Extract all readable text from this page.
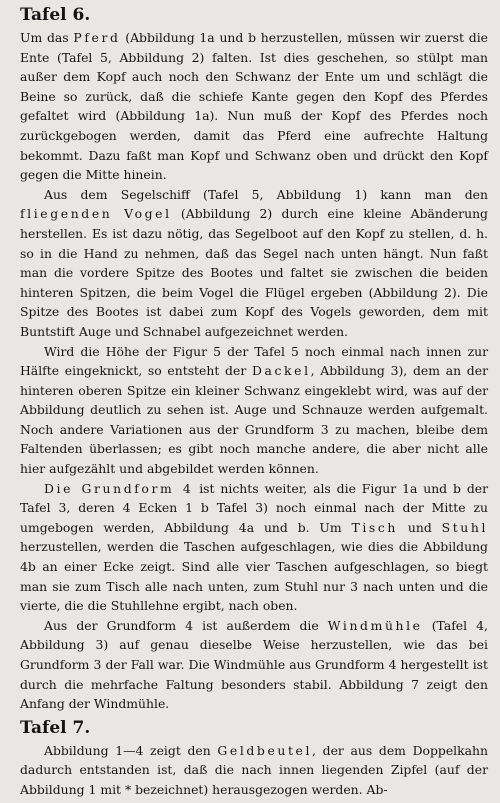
Tafel 6.

Um das Pferd (Abbildung 1a und b herzustellen, müssen wir zuerst die Ente (Tafel 5, Abbildung 2) falten. Ist dies geschehen, so stülpt man außer dem Kopf auch noch den Schwanz der Ente um und schlägt die Beine so zurück, daß die schiefe Kante gegen den Kopf des Pferdes gefaltet wird (Abbildung 1a). Nun muß der Kopf des Pferdes noch zurückgebogen werden, damit das Pferd eine aufrechte Haltung bekommt. Dazu faßt man Kopf und Schwanz oben und drückt den Kopf gegen die Mitte hinein.

Aus dem Segelschiff (Tafel 5, Abbildung 1) kann man den fliegenden Vogel (Abbildung 2) durch eine kleine Abänderung herstellen. Es ist dazu nötig, das Segelboot auf den Kopf zu stellen, d. h. so in die Hand zu nehmen, daß das Segel nach unten hängt. Nun faßt man die vordere Spitze des Bootes und faltet sie zwischen die beiden hinteren Spitzen, die beim Vogel die Flügel ergeben (Abbildung 2). Die Spitze des Bootes ist dabei zum Kopf des Vogels geworden, dem mit Buntstift Auge und Schnabel aufgezeichnet werden.

Wird die Höhe der Figur 5 der Tafel 5 noch einmal nach innen zur Hälfte eingeknickt, so entsteht der Dackel, Abbildung 3), dem an der hinteren oberen Spitze ein kleiner Schwanz eingeklebt wird, was auf der Abbildung deutlich zu sehen ist. Auge und Schnauze werden aufgemalt. Noch andere Variationen aus der Grundform 3 zu machen, bleibe dem Faltenden überlassen; es gibt noch manche andere, die aber nicht alle hier aufgezählt und abgebildet werden können.

Die Grundform 4 ist nichts weiter, als die Figur 1a und b der Tafel 3, deren 4 Ecken 1 b Tafel 3) noch einmal nach der Mitte zu umgebogen werden, Abbildung 4a und b. Um Tisch und Stuhl herzustellen, werden die Taschen aufgeschlagen, wie dies die Abbildung 4b an einer Ecke zeigt. Sind alle vier Taschen aufgeschlagen, so biegt man sie zum Tisch alle nach unten, zum Stuhl nur 3 nach unten und die vierte, die die Stuhllehne ergibt, nach oben.

Aus der Grundform 4 ist außerdem die Windmühle (Tafel 4, Abbildung 3) auf genau dieselbe Weise herzustellen, wie das bei Grundform 3 der Fall war. Die Windmühle aus Grundform 4 hergestellt ist durch die mehrfache Faltung besonders stabil. Abbildung 7 zeigt den Anfang der Windmühle.

Tafel 7.

Abbildung 1—4 zeigt den Geldbeutel, der aus dem Doppelkahn dadurch entstanden ist, daß die nach innen liegenden Zipfel (auf der Abbildung 1 mit * bezeichnet) herausgezogen werden. Ab-
